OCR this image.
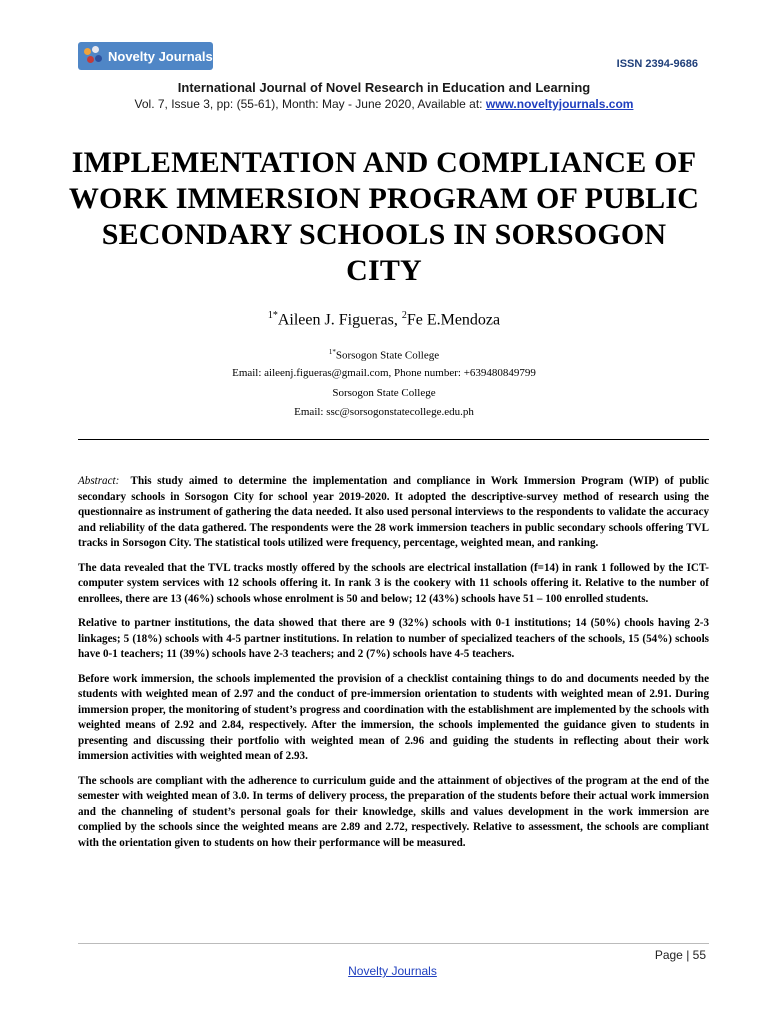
Novelty Journals
ISSN 2394-9686
International Journal of Novel Research in Education and Learning
Vol. 7, Issue 3, pp: (55-61), Month: May - June 2020, Available at: www.noveltyjournals.com
IMPLEMENTATION AND COMPLIANCE OF WORK IMMERSION PROGRAM OF PUBLIC SECONDARY SCHOOLS IN SORSOGON CITY
$^{1*}$Aileen J. Figueras, $^2$Fe E.Mendoza
$^{1*}$Sorsogon State College
Email: aileenj.figueras@gmail.com, Phone number: +639480849799
Sorsogon State College
Email: ssc@sorsogonstatecollege.edu.ph

Abstract: This study aimed to determine the implementation and compliance in Work Immersion Program (WIP) of public secondary schools in Sorsogon City for school year 2019-2020. It adopted the descriptive-survey method of research using the questionnaire as instrument of gathering the data needed. It also used personal interviews to the respondents to validate the accuracy and reliability of the data gathered. The respondents were the 28 work immersion teachers in public secondary schools offering TVL tracks in Sorsogon City. The statistical tools utilized were frequency, percentage, weighted mean, and ranking.

The data revealed that the TVL tracks mostly offered by the schools are electrical installation (f=14) in rank 1 followed by the ICT-computer system services with 12 schools offering it. In rank 3 is the cookery with 11 schools offering it. Relative to the number of enrollees, there are 13 (46%) schools whose enrolment is 50 and below; 12 (43%) schools have 51 – 100 enrolled students.

Relative to partner institutions, the data showed that there are 9 (32%) schools with 0-1 institutions; 14 (50%) chools having 2-3 linkages; 5 (18%) schools with 4-5 partner institutions. In relation to number of specialized teachers of the schools, 15 (54%) schools have 0-1 teachers; 11 (39%) schools have 2-3 teachers; and 2 (7%) schools have 4-5 teachers.

Before work immersion, the schools implemented the provision of a checklist containing things to do and documents needed by the students with weighted mean of 2.97 and the conduct of pre-immersion orientation to students with weighted mean of 2.91. During immersion proper, the monitoring of student’s progress and coordination with the establishment are implemented by the schools with weighted means of 2.92 and 2.84, respectively. After the immersion, the schools implemented the guidance given to students in presenting and discussing their portfolio with weighted mean of 2.96 and guiding the students in reflecting about their work immersion activities with weighted mean of 2.93.

The schools are compliant with the adherence to curriculum guide and the attainment of objectives of the program at the end of the semester with weighted mean of 3.0. In terms of delivery process, the preparation of the students before their actual work immersion and the channeling of student’s personal goals for their knowledge, skills and values development in the work immersion are complied by the schools since the weighted means are 2.89 and 2.72, respectively. Relative to assessment, the schools are compliant with the orientation given to students on how their performance will be measured.

Page | 55
Novelty Journals
